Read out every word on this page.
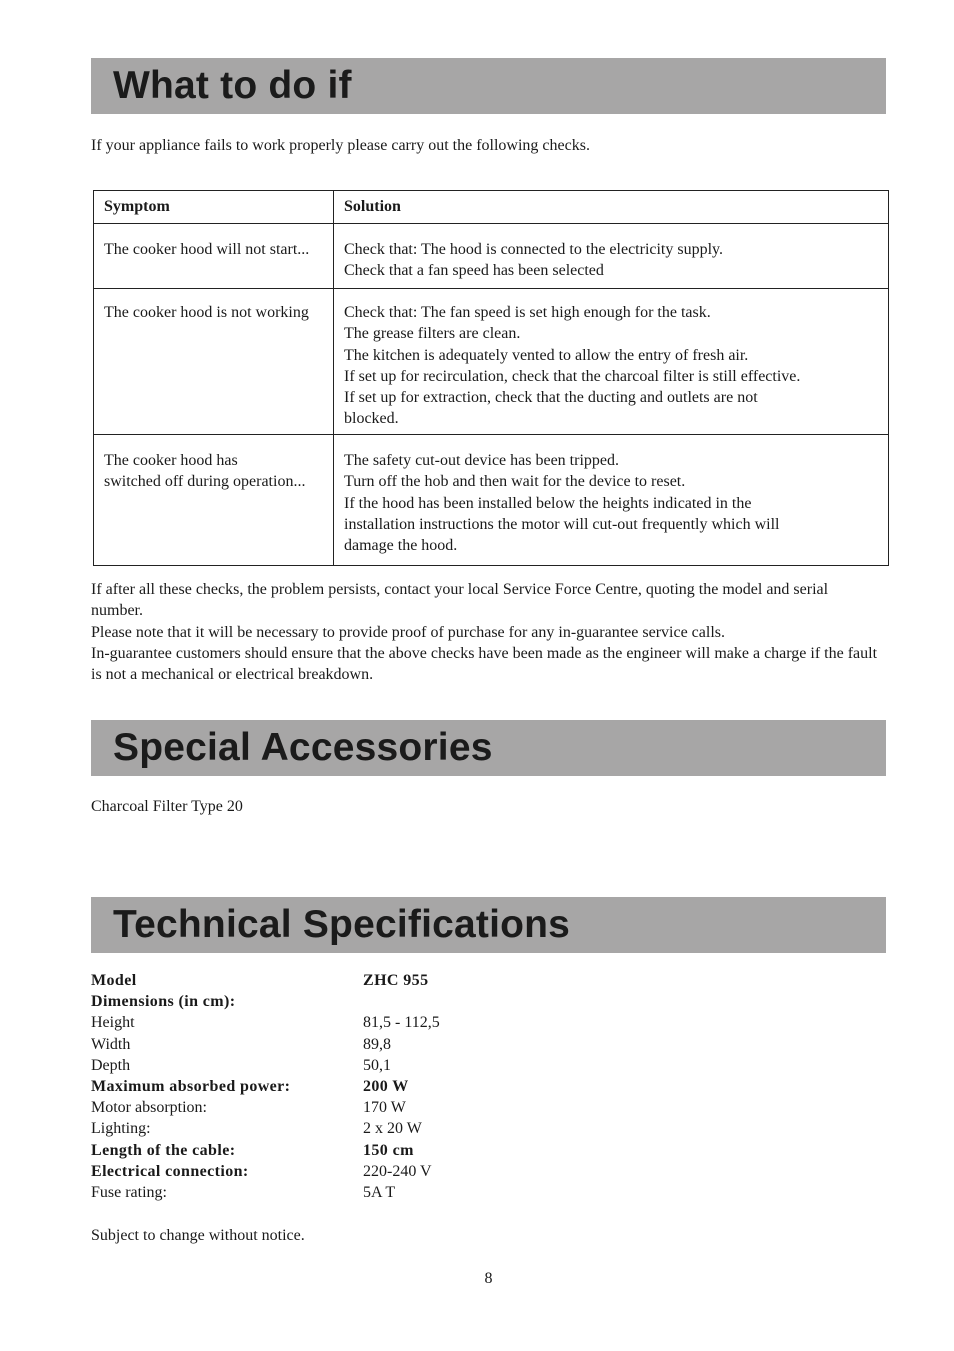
What to do if

If your appliance fails to work properly please carry out the following checks.

Symptom	Solution

The cooker hood will not start...	Check that: The hood is connected to the electricity supply.
Check that a fan speed has been selected

The cooker hood is not working	Check that: The fan speed is set high enough for the task.
The grease filters are clean.
The kitchen is adequately vented to allow the entry of fresh air.
If set up for recirculation, check that the charcoal filter is still effective.
If set up for extraction, check that the ducting and outlets are not blocked.

The cooker hood has
switched off during operation...	The safety cut-out device has been tripped.
Turn off the hob and then wait for the device to reset.
If the hood has been installed below the heights indicated in the installation instructions the motor will cut-out frequently which will damage the hood.

If after all these checks, the problem persists, contact your local Service Force Centre, quoting the model and serial number.

Please note that it will be necessary to provide proof of purchase for any in-guarantee service calls.

In-guarantee customers should ensure that the above checks have been made as the engineer will make a charge if the fault is not a mechanical or electrical breakdown.

Special Accessories

Charcoal Filter Type 20

Technical Specifications
Model	ZHC 955
Dimensions (in cm):
Height	81,5 - 112,5
Width	89,8
Depth	50,1
Maximum absorbed power:	200 W
Motor absorption:	170 W
Lighting:	2 x 20 W
Length of the cable:	150 cm
Electrical connection:	220-240 V
Fuse rating:	5A T

Subject to change without notice.

8
